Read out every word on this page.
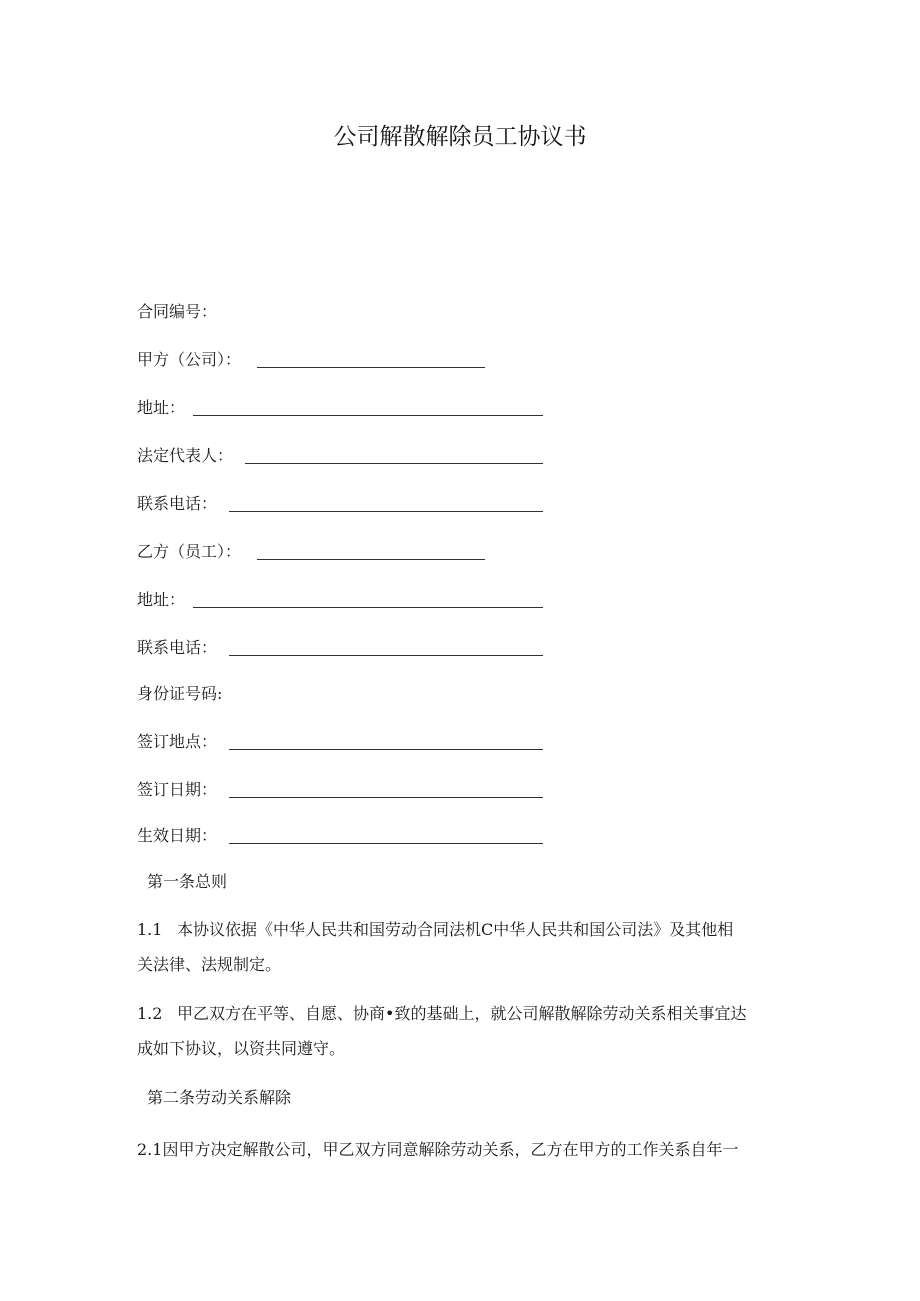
公司解散解除员工协议书
合同编号：
甲方（公司）：
地址：
法定代表人：
联系电话：
乙方（员工）：
地址：
联系电话：
身份证号码:
签订地点：
签订日期：
生效日期：
第一条总则
1.1 本协议依据《中华人民共和国劳动合同法机C中华人民共和国公司法》及其他相
关法律、法规制定。
1.2 甲乙双方在平等、自愿、协商•致的基础上，就公司解散解除劳动关系相关事宜达
成如下协议，以资共同遵守。
第二条劳动关系解除
2.1因甲方决定解散公司，甲乙双方同意解除劳动关系，乙方在甲方的工作关系自年一
